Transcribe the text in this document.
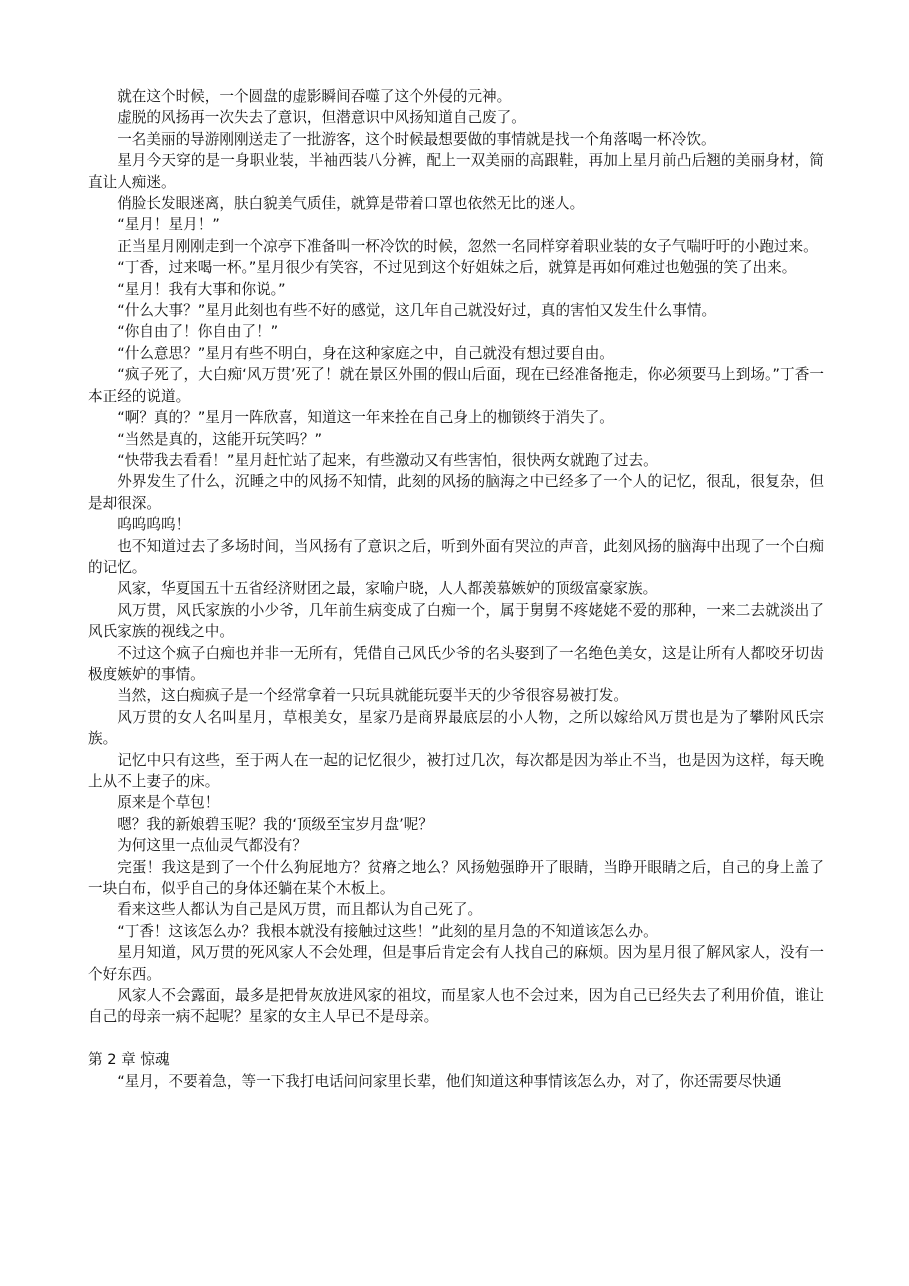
就在这个时候，一个圆盘的虚影瞬间吞噬了这个外侵的元神。

虚脱的风扬再一次失去了意识，但潜意识中风扬知道自己废了。

一名美丽的导游刚刚送走了一批游客，这个时候最想要做的事情就是找一个角落喝一杯冷饮。

星月今天穿的是一身职业装，半袖西装八分裤，配上一双美丽的高跟鞋，再加上星月前凸后翘的美丽身材，简直让人痴迷。

俏脸长发眼迷离，肤白貌美气质佳，就算是带着口罩也依然无比的迷人。

“星月！星月！”

正当星月刚刚走到一个凉亭下准备叫一杯冷饮的时候，忽然一名同样穿着职业装的女子气喘吁吁的小跑过来。

“丁香，过来喝一杯。”星月很少有笑容，不过见到这个好姐妹之后，就算是再如何难过也勉强的笑了出来。

“星月！我有大事和你说。”

“什么大事？”星月此刻也有些不好的感觉，这几年自己就没好过，真的害怕又发生什么事情。

“你自由了！你自由了！”

“什么意思？”星月有些不明白，身在这种家庭之中，自己就没有想过要自由。

“疯子死了，大白痴‘风万贯’死了！就在景区外围的假山后面，现在已经准备拖走，你必须要马上到场。”丁香一本正经的说道。

“啊？真的？”星月一阵欣喜，知道这一年来拴在自己身上的枷锁终于消失了。

“当然是真的，这能开玩笑吗？”

“快带我去看看！”星月赶忙站了起来，有些激动又有些害怕，很快两女就跑了过去。

外界发生了什么，沉睡之中的风扬不知情，此刻的风扬的脑海之中已经多了一个人的记忆，很乱，很复杂，但是却很深。

呜呜呜呜！

也不知道过去了多场时间，当风扬有了意识之后，听到外面有哭泣的声音，此刻风扬的脑海中出现了一个白痴的记忆。

风家，华夏国五十五省经济财团之最，家喻户晓，人人都羡慕嫉妒的顶级富豪家族。

风万贯，风氏家族的小少爷，几年前生病变成了白痴一个，属于舅舅不疼姥姥不爱的那种，一来二去就淡出了风氏家族的视线之中。

不过这个疯子白痴也并非一无所有，凭借自己风氏少爷的名头娶到了一名绝色美女，这是让所有人都咬牙切齿极度嫉妒的事情。

当然，这白痴疯子是一个经常拿着一只玩具就能玩耍半天的少爷很容易被打发。

风万贯的女人名叫星月，草根美女，星家乃是商界最底层的小人物，之所以嫁给风万贯也是为了攀附风氏宗族。

记忆中只有这些，至于两人在一起的记忆很少，被打过几次，每次都是因为举止不当，也是因为这样，每天晚上从不上妻子的床。

原来是个草包！

嗯？我的新娘碧玉呢？我的‘顶级至宝岁月盘’呢？

为何这里一点仙灵气都没有？

完蛋！我这是到了一个什么狗屁地方？贫瘠之地么？风扬勉强睁开了眼睛，当睁开眼睛之后，自己的身上盖了一块白布，似乎自己的身体还躺在某个木板上。

看来这些人都认为自己是风万贯，而且都认为自己死了。

“丁香！这该怎么办？我根本就没有接触过这些！”此刻的星月急的不知道该怎么办。

星月知道，风万贯的死风家人不会处理，但是事后肯定会有人找自己的麻烦。因为星月很了解风家人，没有一个好东西。

风家人不会露面，最多是把骨灰放进风家的祖坟，而星家人也不会过来，因为自己已经失去了利用价值，谁让自己的母亲一病不起呢？星家的女主人早已不是母亲。

第 2 章 惊魂

“星月，不要着急，等一下我打电话问问家里长辈，他们知道这种事情该怎么办，对了，你还需要尽快通
